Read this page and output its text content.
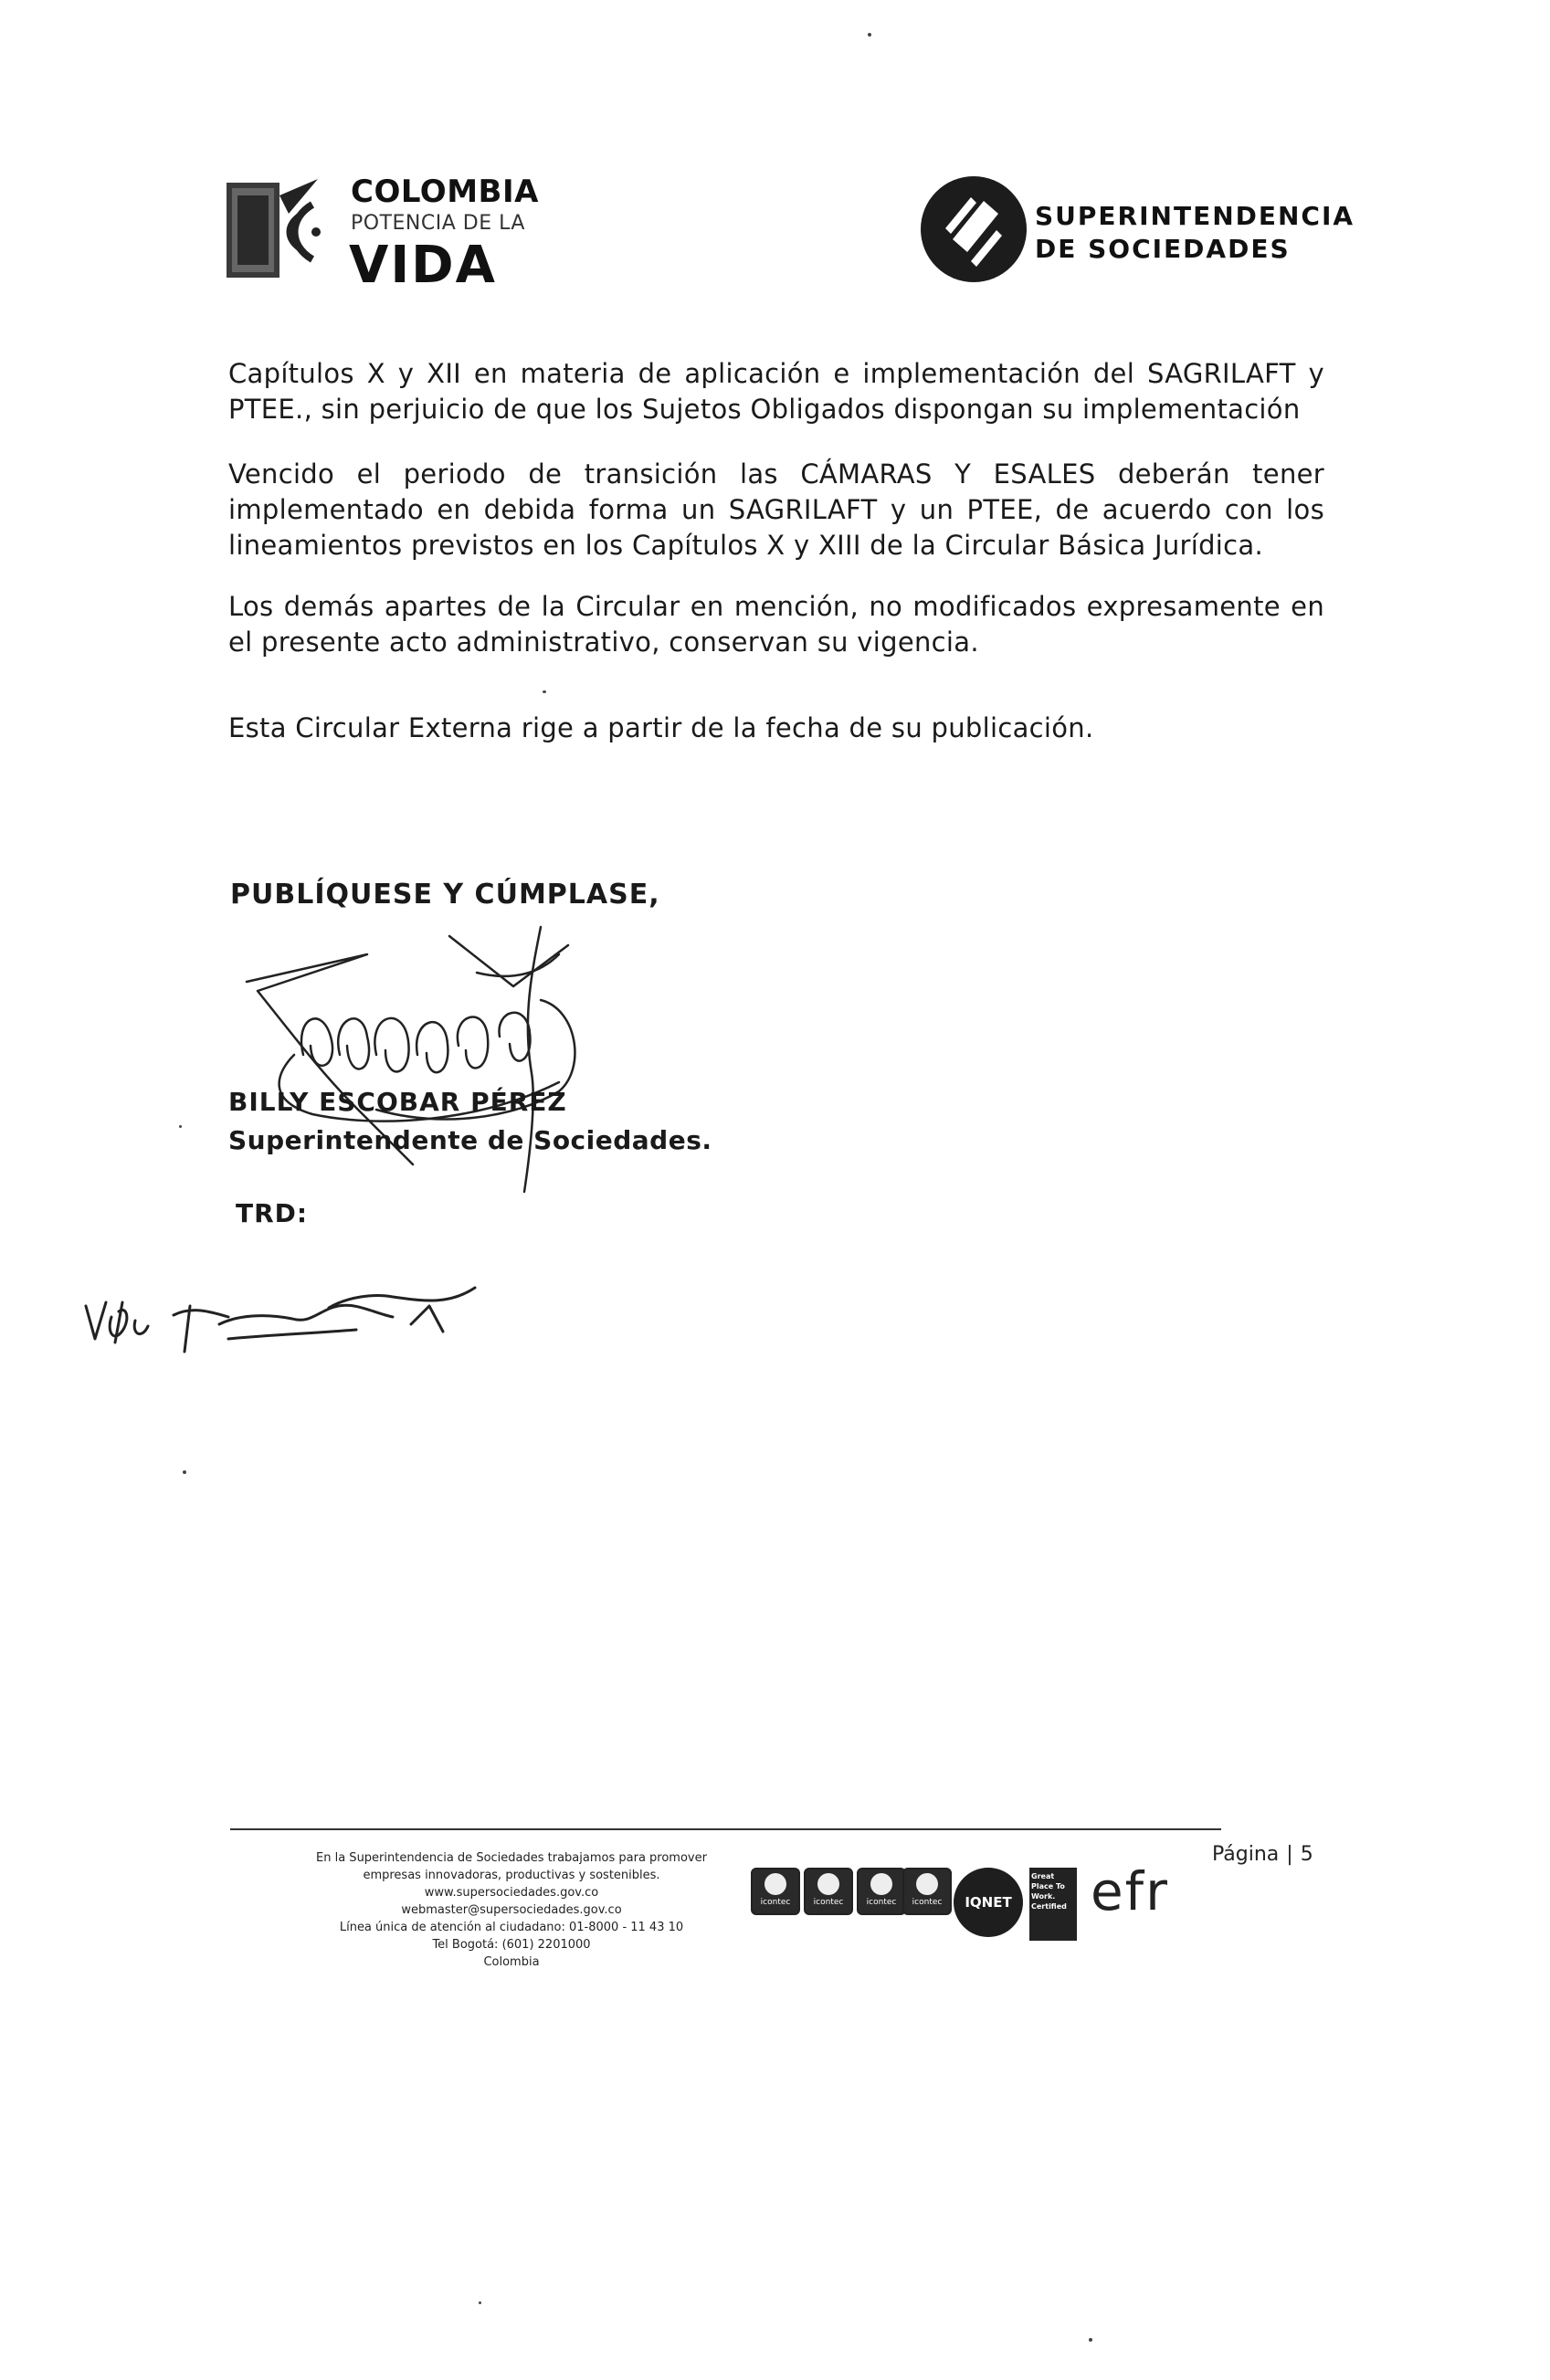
COLOMBIA
POTENCIA DE LA
VIDA
SUPERINTENDENCIA
DE SOCIEDADES
Capítulos X y XII en materia de aplicación e implementación del SAGRILAFT y PTEE., sin perjuicio de que los Sujetos Obligados dispongan su implementación
Vencido el periodo de transición las CÁMARAS Y ESALES deberán tener implementado en debida forma un SAGRILAFT y un PTEE, de acuerdo con los lineamientos previstos en los Capítulos X y XIII de la Circular Básica Jurídica.
Los demás apartes de la Circular en mención, no modificados expresamente en el presente acto administrativo, conservan su vigencia.
Esta Circular Externa rige a partir de la fecha de su publicación.
PUBLÍQUESE Y CÚMPLASE,
BILLY ESCOBAR PÉREZ
Superintendente de Sociedades.
TRD:
En la Superintendencia de Sociedades trabajamos para promover
empresas innovadoras, productivas y sostenibles.
www.supersociedades.gov.co
webmaster@supersociedades.gov.co
Línea única de atención al ciudadano: 01-8000 - 11 43 10
Tel Bogotá: (601) 2201000
Colombia
icontec	icontec	icontec	icontec	IQNET
Great Place To Work. Certified efr
Página | 5
